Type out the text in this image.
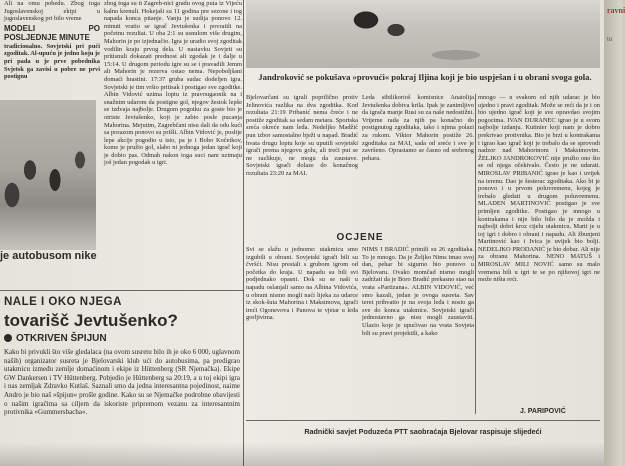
Ali na omu pobedu. Zbog toga Jugoslavenskoj ekipi u jugoslavenskog pri bilo vreme

MODELI PO POSLJEDNJE MINUTE

tradicionalno. Sovjetski pri pući zgoditak. Al-upuću je jedno koju je pri pada u je prve pobednika Svjetsk ga zavisi u pobre ne prvi postignu

je autobusom nike

zbog toga su ti Zagreb-nici gradu ovog puta iz Vijeću kalno krenuli. Hokejaši su 11 godina pre sezone i tog napada konca pitanje. Vanju je sudija ponovo 12. minuti vratio se igrač Jevtušenka i povratili na početnu rezultat. U oba 2:1 su usnulom više drugim, Mahorin je po izjednačio. Igra je uradio svoj zgoditak vodilin kraju prvog dela. U nastavku Sovjeti su pritisnuli dokazati prednost ali zgodak je i dalje u 15:14. U drugom periodu igre su se i pravadili Jemm ali Mahorin je rezerva ostao nema. Nepoboljšani domaći hrastini. 17:37 gruba sudac dodeljen igra. Sovjetski je tim vršio pritisak i postigao sve zgoditke. Albin Vidović uzima loptu iz pravougaonik na i snažnim udarom da postigne gol, njegov žestok lepše se izdvaja najbolje. Drugom pogotku za goste bio je otriste Jevtušenko, koji je zabio posle pucanja Mahorina. Mejutim, Zagrebčani nisu dali da odu kući sa porazom ponovo su prišli. Albin Vidović je, poslije lepe akcije pogodio u isto, pa je i Bobo Kočetkov, kome je pružio gol, slabo ni jednoga jedan igrač koji je dobio pas. Odmah nakon toga suci nam uzimaju još jedan pogodak u igri.

Jandroković se pokušava »provući« pokraj Iljina koji je bio uspješan i u obrani svoga gola.

Bjelovarčani su igrali poprilično protiv Jelinovića razlika na dva zgoditka. Kod rezultata 21:19 Pribanić nema čreće i ne postiže zgoditak sa sedam metara. Sportska sreća okreće nam leđa. Nedeljko Madžić pun izbor samostalno bježi u napad. Bradić hvata drugu loptu koje su uputili sovjetski igrači prema njegovu golu, ali treći put se ne razlikuje, ne mogu da zaustave. Sovjetski igrači dolaze do konačnog rezultata 23:20 za MAI.

Leda sibilikorioš komisnice Anatolija Jevtušenka dobiva krila. Ipak je zanimljivo da igrača manje Rusi su za naše nedostižni. Vrijeme rada za njih pa konačno do postignutog zgoditaka, tako i njima polazi za rukom. Viktor Mahorin postiže 26. zgoditaka za MAI, sada od sreće i sve je završeno. Oprastamo se časno od srebrnog pehara.

mnogo — u svakom od njih udarac je bio ujedno i pravi zgoditak. Može se reći da je i on bio ujedno igrač koji je sve opravdao svojim pogocima. IVAN DURANEC igrao je u svom najbolje izdanju. Kutinier koji nam je dobro prekrivao protivnika. Bio je brzi u kontrakama i igrao kao igrač koji je trebalo da se sprovodi nadzor nad Mahorinom i Maksimovim. ŽELJKO JANDROKOVIĆ nije pružio ono što se od njega očekivalo. Često je ne udarati. MIROSLAV PRIBANIĆ igrao je kao i uvijek na terenu. Dao je šesterac zgoditaka. Ako bi je ponovo i u prvom poluvremenu, kojeg je trebalo gledati u drugom poluvremenu. MLADEN MARTINOVIĆ postigao je sve primljen zgoditke. Postigao je mnogo u kontrakama i nije bilo bilo da je možda i najbolji dobri kroz cijelu utakmicu. Marti je u toj igri i dobro i obrani i napadu. Ali žbunjeni Martinović kao i Ivica je uvijek bio bolji. NEDELJKO PRODANIĆ je bio dobar. Ali nije za obranu Mahorina. NENO MATUŠ i MIROSLAV MILI NOVIĆ samo su malo vremena bili u igri te se po njihovoj igri ne može ništa reći.

J. PARIPOVIĆ
OCJENE

Svi se slažu u jednome: utakmicu smo izgubili u obrani. Sovjetski igrači bili su čvršći. Nisu prestali s grubom igrom od početka do kraja. U napadu su bili svi podjednako opasni. Dok su se naši u napadu oslanjali samo na Albina Vidovića, u obrani nismo mogli naći lijeka za udarce iz skok-šuta Mahorina i Maksimova, igrači treći Ogonevova i Panova te vjetar u leđa gorljivima.

NIMS I BRADIĆ primili su 26 zgoditaka. To je mnogo. Da je Željko Nims imao svoj dan, pehar bi sigurno bio ponovo u Bjelovaru. Ovako momčad nismo mogli zadržati da je Boro Bradić prekasno stao na vrata »Partizana«. ALBIN VIDOVIĆ, već smo kazali, jedan je ovoga susreta. Sav teret prihvatio je na svoja leđa i nosio ga sve do konca utakmice. Sovjetski igrači jednostavno ga nisu mogli zaustaviti. Ulazio koje je upućivao na vrata Sovjeta bili su pravi projektili, a kako

NALE I OKO NJEGA
tovarišč Jevtušenko?
OTKRIVEN ŠPIJUN

Kako bi privukli što više gledalaca (na ovom susretu bilo ih je oko 6 000, uglavnom naših) organizator susreta je Bjelovarski klub ući do autobusima, pa predigrao utakmicu između zemlje domaćinom i ekipe iz Hüttenberg (SR Njemačka). Ekipe GW Dankersen i TV Hüttenberg. Pobjedio je Hüttenberg sa 20:19, a u toj ekipi igra i nas zemljak Zdravko Kutlaš. Saznali smo da jedna interesantna pojedinost, naime Andro je bio naš »špijun« prošle godine. Kako su se Njemačke podrobne obavijesti o našim igračima sa ciljem da iskoriste pripremom vezanu za interesantnim protivnika »Gummersbacha«.

Radnički savjet Poduzeća PTT saobraćaja Bjelovar raspisuje slijedeći
ravni
tu
